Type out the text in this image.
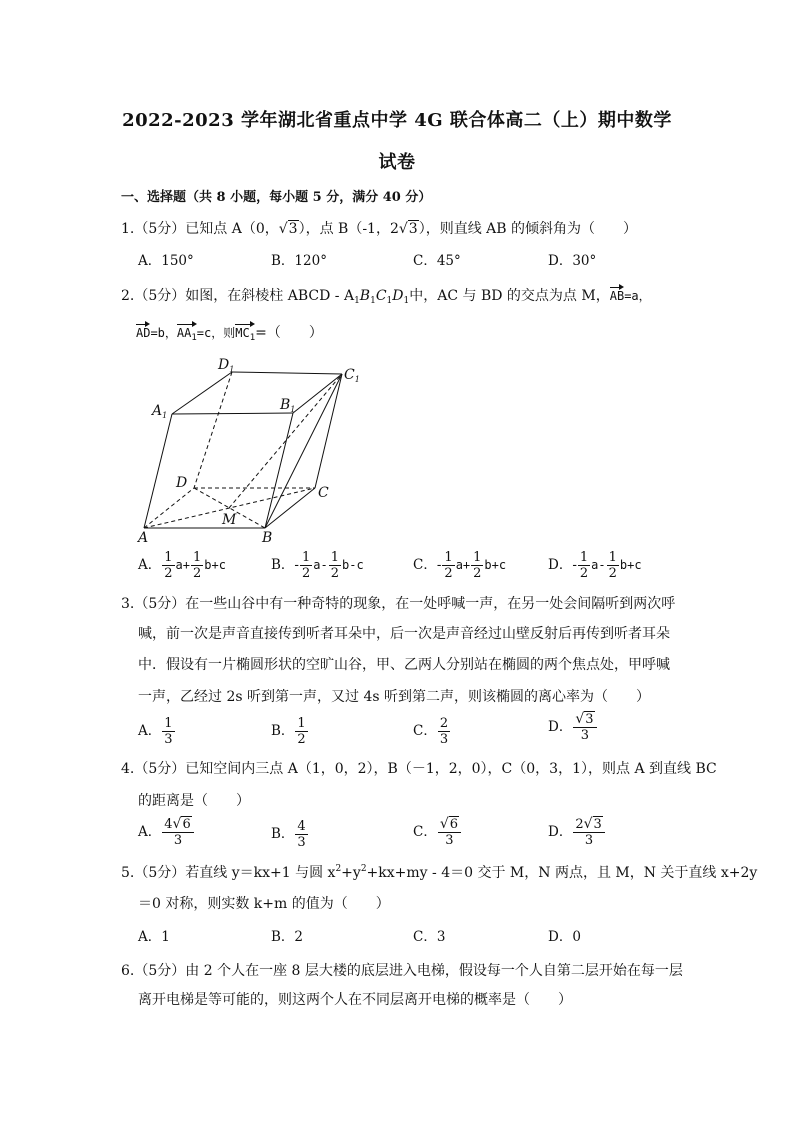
2022-2023 学年湖北省重点中学 4G 联合体高二（上）期中数学
试卷
一、选择题（共 8 小题，每小题 5 分，满分 40 分）
1.（5分）已知点 A（0，√3），点 B（-1，2√3），则直线 AB 的倾斜角为（　　）
A．150°	B．120°	C．45°	D．30°
2.（5分）如图，在斜棱柱 ABCD - $A_1B_1C_1D_1$中，AC 与 BD 的交点为点 M，AB=a，
AD=b，$AA_1=c$，则$MC_1=$（　　）
$D_1$	$C_1$
$A_1$
$B_1$
D
C
M
A	B
A． $\frac{1}{2} a+ \frac{1}{2} b+c$	B．- $\frac{1}{2} a- \frac{1}{2} b-c$	C．- $\frac{1}{2} a+ \frac{1}{2} b+c$	D．- $\frac{1}{2} a- \frac{1}{2} b+c$
3.（5分）在一些山谷中有一种奇特的现象，在一处呼喊一声，在另一处会间隔听到两次呼
喊，前一次是声音直接传到听者耳朵中，后一次是声音经过山壁反射后再传到听者耳朵
中．假设有一片椭圆形状的空旷山谷，甲、乙两人分别站在椭圆的两个焦点处，甲呼喊
一声，乙经过 2s 听到第一声，又过 4s 听到第二声，则该椭圆的离心率为（　　）
A． $\frac{1}{3}$	B． $\frac{1}{2}$	C． $\frac{2}{3}$	D． $\frac{√3}{3}$
4.（5分）已知空间内三点 A（1，0，2），B（－1，2，0），C（0，3，1），则点 A 到直线 BC
的距离是（　　）
A． $\frac{4√6}{3}$	B． $\frac{4}{3}$	C． $\frac{√6}{3}$	D． $\frac{2√3}{3}$
5.（5分）若直线 y＝kx+1 与圆 $x^2+y^2+kx+my - 4=0$ 交于 M，N 两点，且 M，N 关于直线 x+2y
＝0 对称，则实数 k+m 的值为（　　）
A．1	B．2	C．3	D．0
6.（5分）由 2 个人在一座 8 层大楼的底层进入电梯，假设每一个人自第二层开始在每一层
离开电梯是等可能的，则这两个人在不同层离开电梯的概率是（　　）
